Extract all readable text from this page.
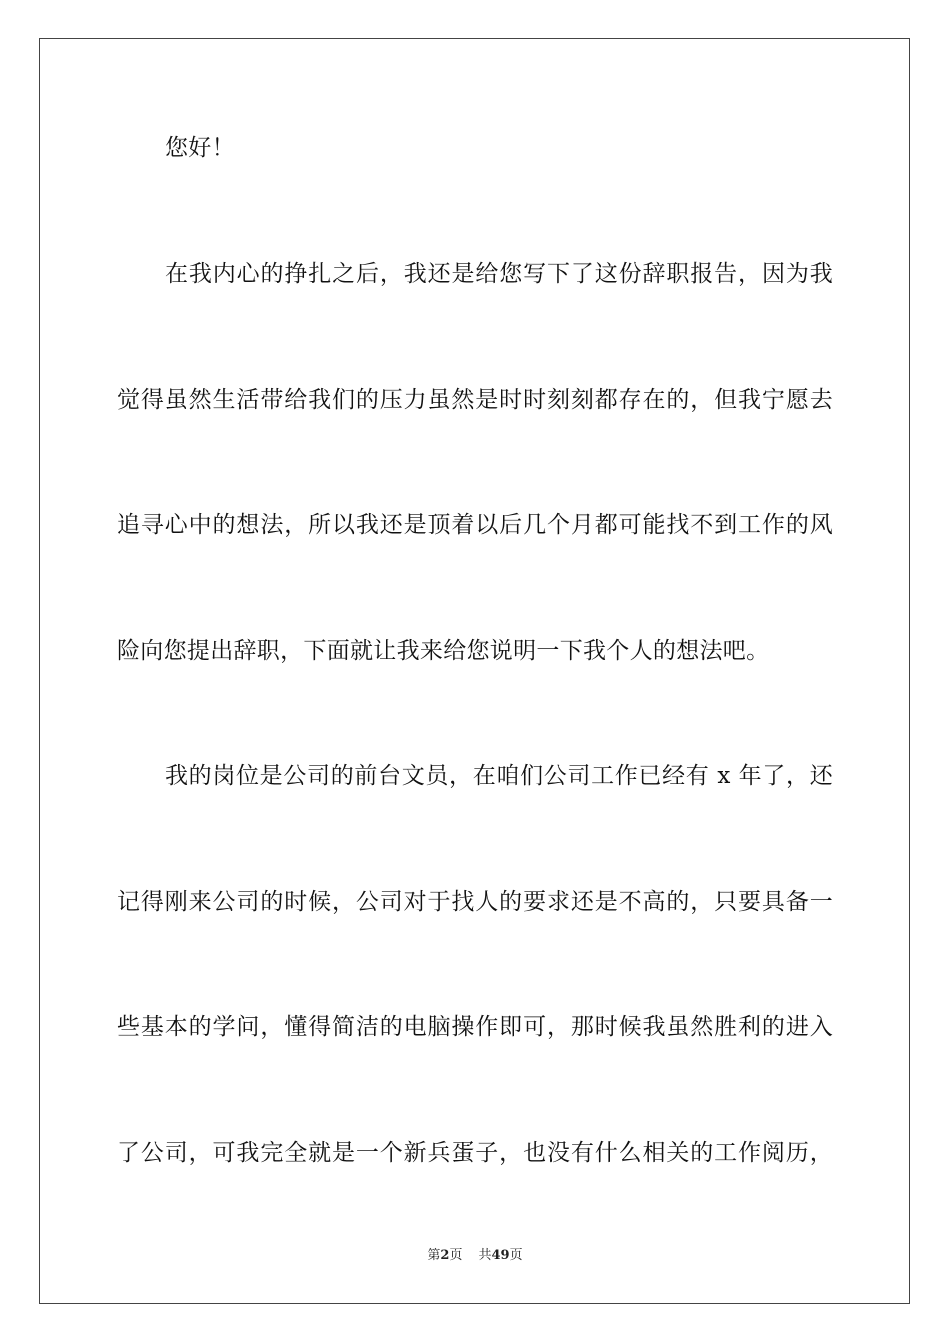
您好！
在我内心的挣扎之后，我还是给您写下了这份辞职报告，因为我
觉得虽然生活带给我们的压力虽然是时时刻刻都存在的，但我宁愿去
追寻心中的想法，所以我还是顶着以后几个月都可能找不到工作的风
险向您提出辞职，下面就让我来给您说明一下我个人的想法吧。
我的岗位是公司的前台文员，在咱们公司工作已经有 x 年了，还
记得刚来公司的时候，公司对于找人的要求还是不高的，只要具备一
些基本的学问，懂得简洁的电脑操作即可，那时候我虽然胜利的进入
了公司，可我完全就是一个新兵蛋子，也没有什么相关的工作阅历，
第2页 共49页
